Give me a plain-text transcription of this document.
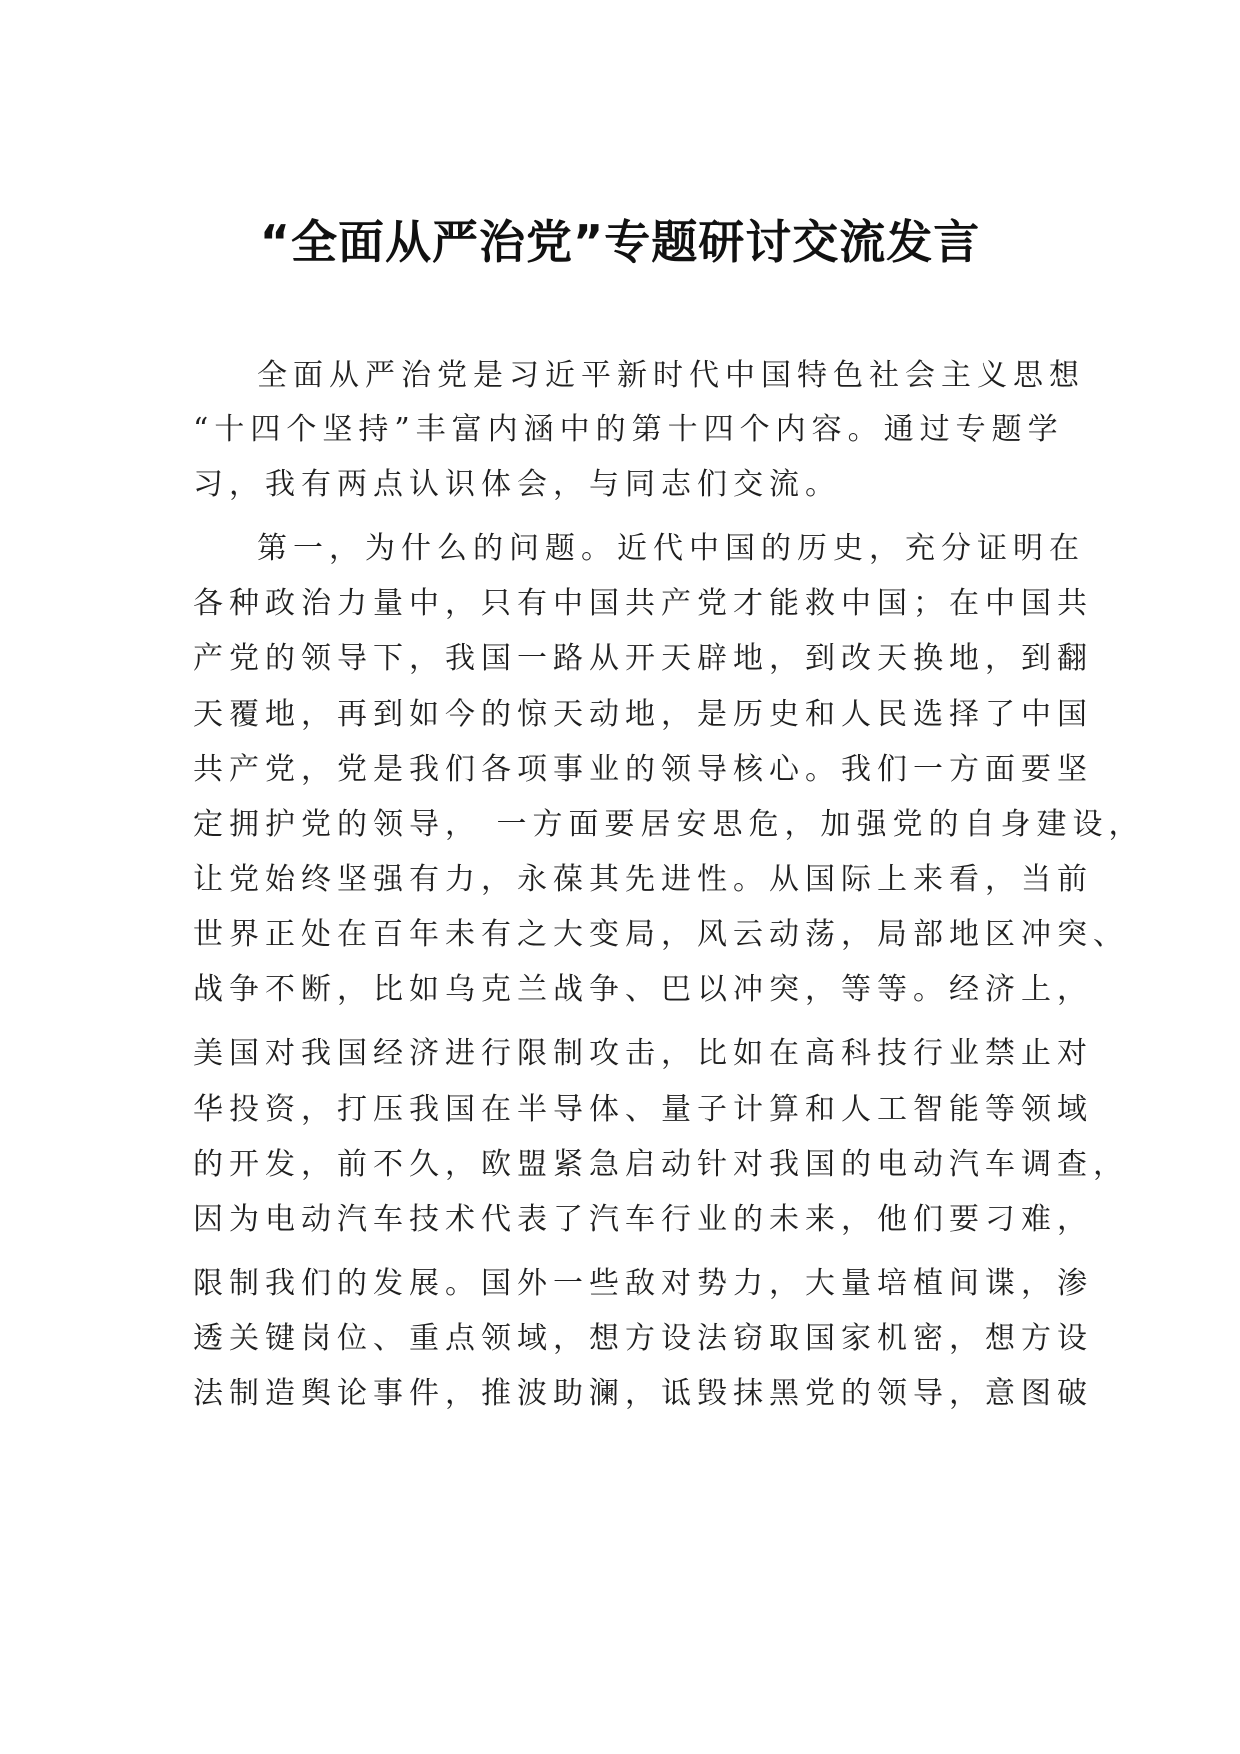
“全面从严治党”专题研讨交流发言
全面从严治党是习近平新时代中国特色社会主义思想
“十四个坚持”丰富内涵中的第十四个内容。通过专题学
习，我有两点认识体会，与同志们交流。
第一，为什么的问题。近代中国的历史，充分证明在
各种政治力量中，只有中国共产党才能救中国；在中国共
产党的领导下，我国一路从开天辟地，到改天换地，到翻
天覆地，再到如今的惊天动地，是历史和人民选择了中国
共产党，党是我们各项事业的领导核心。我们一方面要坚
定拥护党的领导， 一方面要居安思危，加强党的自身建设，
让党始终坚强有力，永葆其先进性。从国际上来看，当前
世界正处在百年未有之大变局，风云动荡，局部地区冲突、
战争不断，比如乌克兰战争、巴以冲突，等等。经济上，
美国对我国经济进行限制攻击，比如在高科技行业禁止对
华投资，打压我国在半导体、量子计算和人工智能等领域
的开发，前不久，欧盟紧急启动针对我国的电动汽车调查，
因为电动汽车技术代表了汽车行业的未来，他们要刁难，
限制我们的发展。国外一些敌对势力，大量培植间谍，渗
透关键岗位、重点领域，想方设法窃取国家机密，想方设
法制造舆论事件，推波助澜，诋毁抹黑党的领导，意图破
